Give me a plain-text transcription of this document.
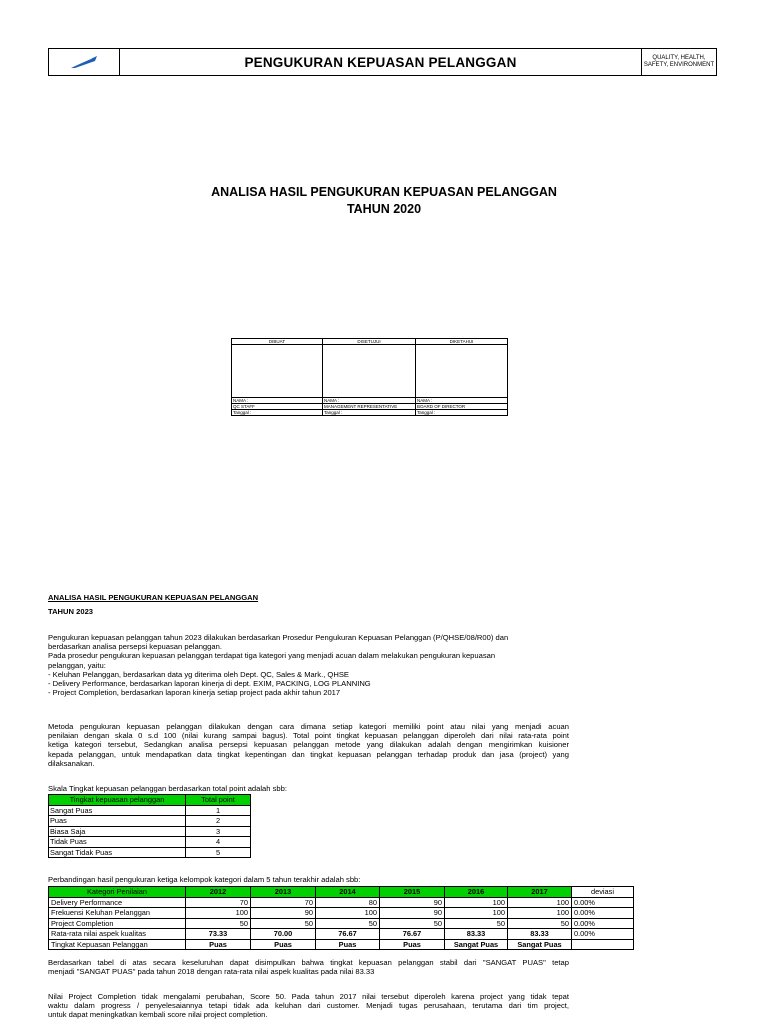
PENGUKURAN KEPUASAN PELANGGAN	QUALITY, HEALTH,
SAFETY, ENVIRONMENT
ANALISA HASIL PENGUKURAN KEPUASAN PELANGGAN
TAHUN 2020
DIBUAT	DISETUJUI	DIKETAHUI

NAMA :	NAMA :	NAMA :
QC STAFF	MANAGEMENT REPRESENTATIVE	BOARD OF DIRECTOR
Tanggal :	Tanggal :	Tanggal :
ANALISA HASIL PENGUKURAN KEPUASAN PELANGGAN
TAHUN 2023
Pengukuran kepuasan pelanggan tahun 2023 dilakukan berdasarkan Prosedur Pengukuran Kepuasan Pelanggan (P/QHSE/08/R00) dan
berdasarkan analisa persepsi kepuasan pelanggan.
Pada prosedur pengukuran kepuasan pelanggan terdapat tiga kategori yang menjadi acuan dalam melakukan pengukuran kepuasan
pelanggan, yaitu:
- Keluhan Pelanggan, berdasarkan data yg diterima oleh Dept. QC, Sales & Mark., QHSE
- Delivery Performance, berdasarkan laporan kinerja di dept. EXIM, PACKING, LOG PLANNING
- Project Completion, berdasarkan laporan kinerja setiap project pada akhir tahun 2017
Metoda pengukuran kepuasan pelanggan dilakukan dengan cara dimana setiap kategori memiliki point atau nilai yang menjadi acuan
penilaian dengan skala 0 s.d 100 (nilai kurang sampai bagus). Total point tingkat kepuasan pelanggan diperoleh dari nilai rata-rata point
ketiga kategori tersebut, Sedangkan analisa persepsi kepuasan pelanggan metode yang dilakukan adalah dengan mengirimkan kuisioner
kepada pelanggan, untuk mendapatkan data tingkat kepentingan dan tingkat kepuasan pelanggan terhadap produk dan jasa (project) yang
dilaksanakan.
Skala Tingkat kepuasan pelanggan berdasarkan total point adalah sbb:
Tingkat kepuasan pelanggan	Total point
Sangat Puas	1
Puas	2
Biasa Saja	3
Tidak Puas	4
Sangat Tidak Puas	5
Perbandingan hasil pengukuran ketiga kelompok kategori dalam 5 tahun terakhir adalah sbb:
Kategori Penilaian	2012	2013	2014	2015	2016	2017	deviasi
Delivery Performance	70	70	80	90	100	100	0.00%
Frekuensi Keluhan Pelanggan	100	90	100	90	100	100	0.00%
Project Completion	50	50	50	50	50	50	0.00%
Rata-rata nilai aspek kualitas	73.33	70.00	76.67	76.67	83.33	83.33	0.00%
Tingkat Kepuasan Pelanggan	Puas	Puas	Puas	Puas	Sangat Puas	Sangat Puas	
Berdasarkan tabel di atas secara keseluruhan dapat disimpulkan bahwa tingkat kepuasan pelanggan stabil dari "SANGAT PUAS" tetap
menjadi "SANGAT PUAS" pada tahun 2018 dengan rata-rata nilai aspek kualitas pada nilai 83.33
Nilai Project Completion tidak mengalami perubahan, Score 50. Pada tahun 2017 nilai tersebut diperoleh karena project yang tidak tepat
waktu dalam progress / penyelesaiannya tetapi tidak ada keluhan dari customer. Menjadi tugas perusahaan, terutama dari tim project,
untuk dapat meningkatkan kembali score nilai project completion.
